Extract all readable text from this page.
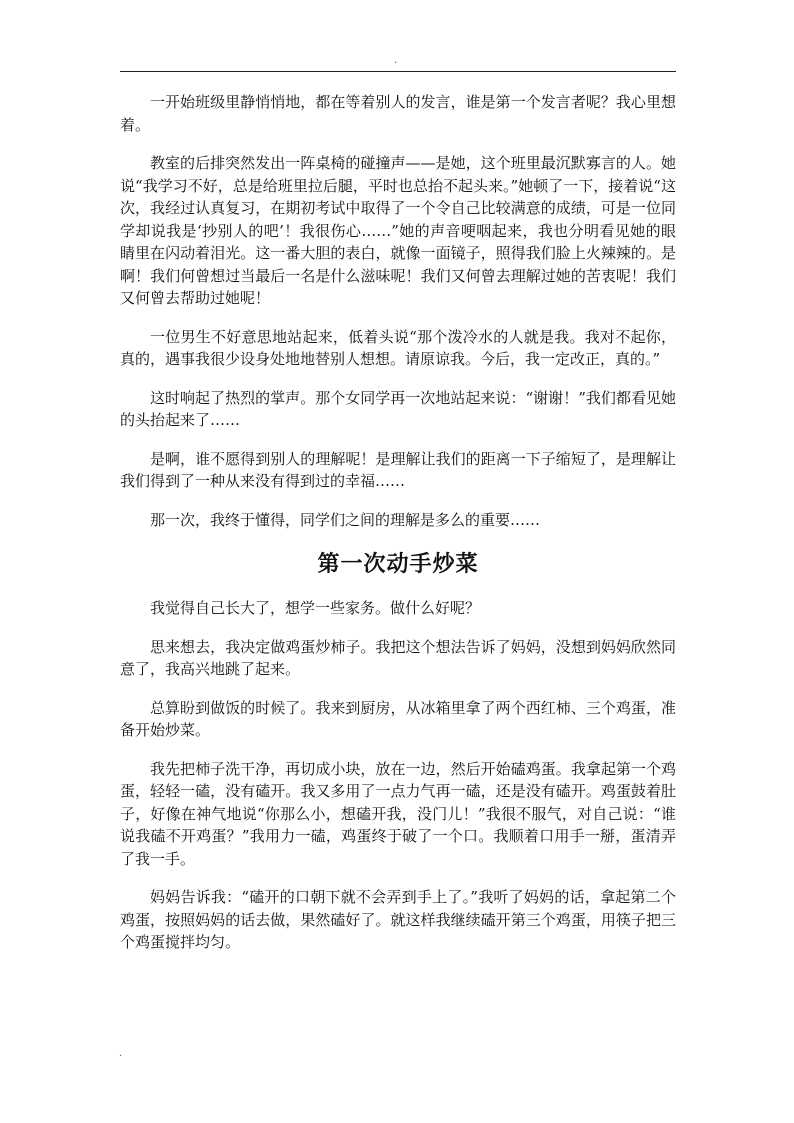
.

一开始班级里静悄悄地，都在等着别人的发言，谁是第一个发言者呢？我心里想着。

教室的后排突然发出一阵桌椅的碰撞声——是她，这个班里最沉默寡言的人。她说“我学习不好，总是给班里拉后腿，平时也总抬不起头来。”她顿了一下，接着说“这次，我经过认真复习，在期初考试中取得了一个令自己比较满意的成绩，可是一位同学却说我是‘抄别人的吧’！我很伤心……”她的声音哽咽起来，我也分明看见她的眼睛里在闪动着泪光。这一番大胆的表白，就像一面镜子，照得我们脸上火辣辣的。是啊！我们何曾想过当最后一名是什么滋味呢！我们又何曾去理解过她的苦衷呢！我们又何曾去帮助过她呢！

一位男生不好意思地站起来，低着头说“那个泼冷水的人就是我。我对不起你，真的，遇事我很少设身处地地替别人想想。请原谅我。今后，我一定改正，真的。”

这时响起了热烈的掌声。那个女同学再一次地站起来说：“谢谢！”我们都看见她的头抬起来了……

是啊，谁不愿得到别人的理解呢！是理解让我们的距离一下子缩短了，是理解让我们得到了一种从来没有得到过的幸福……

那一次，我终于懂得，同学们之间的理解是多么的重要……

第一次动手炒菜

我觉得自己长大了，想学一些家务。做什么好呢？

思来想去，我决定做鸡蛋炒柿子。我把这个想法告诉了妈妈，没想到妈妈欣然同意了，我高兴地跳了起来。

总算盼到做饭的时候了。我来到厨房，从冰箱里拿了两个西红柿、三个鸡蛋，准备开始炒菜。

我先把柿子洗干净，再切成小块，放在一边，然后开始磕鸡蛋。我拿起第一个鸡蛋，轻轻一磕，没有磕开。我又多用了一点力气再一磕，还是没有磕开。鸡蛋鼓着肚子，好像在神气地说“你那么小，想磕开我，没门儿！”我很不服气，对自己说：“谁说我磕不开鸡蛋？”我用力一磕，鸡蛋终于破了一个口。我顺着口用手一掰，蛋清弄了我一手。

妈妈告诉我：“磕开的口朝下就不会弄到手上了。”我听了妈妈的话，拿起第二个鸡蛋，按照妈妈的话去做，果然磕好了。就这样我继续磕开第三个鸡蛋，用筷子把三个鸡蛋搅拌均匀。

.
